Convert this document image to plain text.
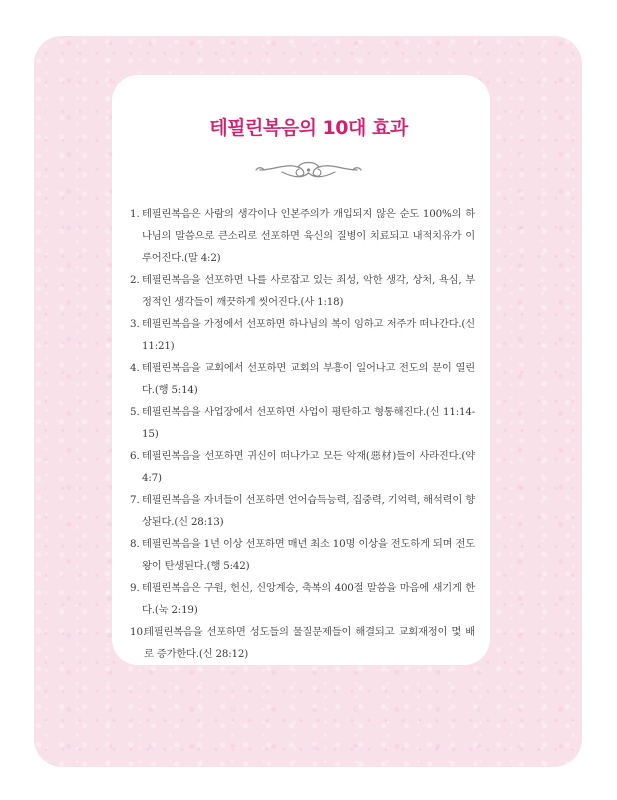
테필린복음의 10대 효과
1. 테필린복음은 사람의 생각이나 인본주의가 개입되지 않은 순도 100%의 하나님의 말씀으로 큰소리로 선포하면 육신의 질병이 치료되고 내적치유가 이루어진다.(말 4:2)
2. 테필린복음을 선포하면 나를 사로잡고 있는 죄성, 악한 생각, 상처, 욕심, 부정적인 생각들이 깨끗하게 씻어진다.(사 1:18)
3. 테필린복음을 가정에서 선포하면 하나님의 복이 임하고 저주가 떠나간다.(신 11:21)
4. 테필린복음을 교회에서 선포하면 교회의 부흥이 일어나고 전도의 문이 열린다.(행 5:14)
5. 테필린복음을 사업장에서 선포하면 사업이 평탄하고 형통해진다.(신 11:14-15)
6. 테필린복음을 선포하면 귀신이 떠나가고 모든 악재(惡材)들이 사라진다.(약 4:7)
7. 테필린복음을 자녀들이 선포하면 언어습득능력, 집중력, 기억력, 해석력이 향상된다.(신 28:13)
8. 테필린복음을 1년 이상 선포하면 매년 최소 10명 이상을 전도하게 되며 전도왕이 탄생된다.(행 5:42)
9. 테필린복음은 구원, 헌신, 신앙계승, 축복의 400절 말씀을 마음에 새기게 한다.(눅 2:19)
10.
테필린복음을 선포하면 성도들의 물질문제들이 해결되고 교회재정이 몇 배로 증가한다.(신 28:12)
